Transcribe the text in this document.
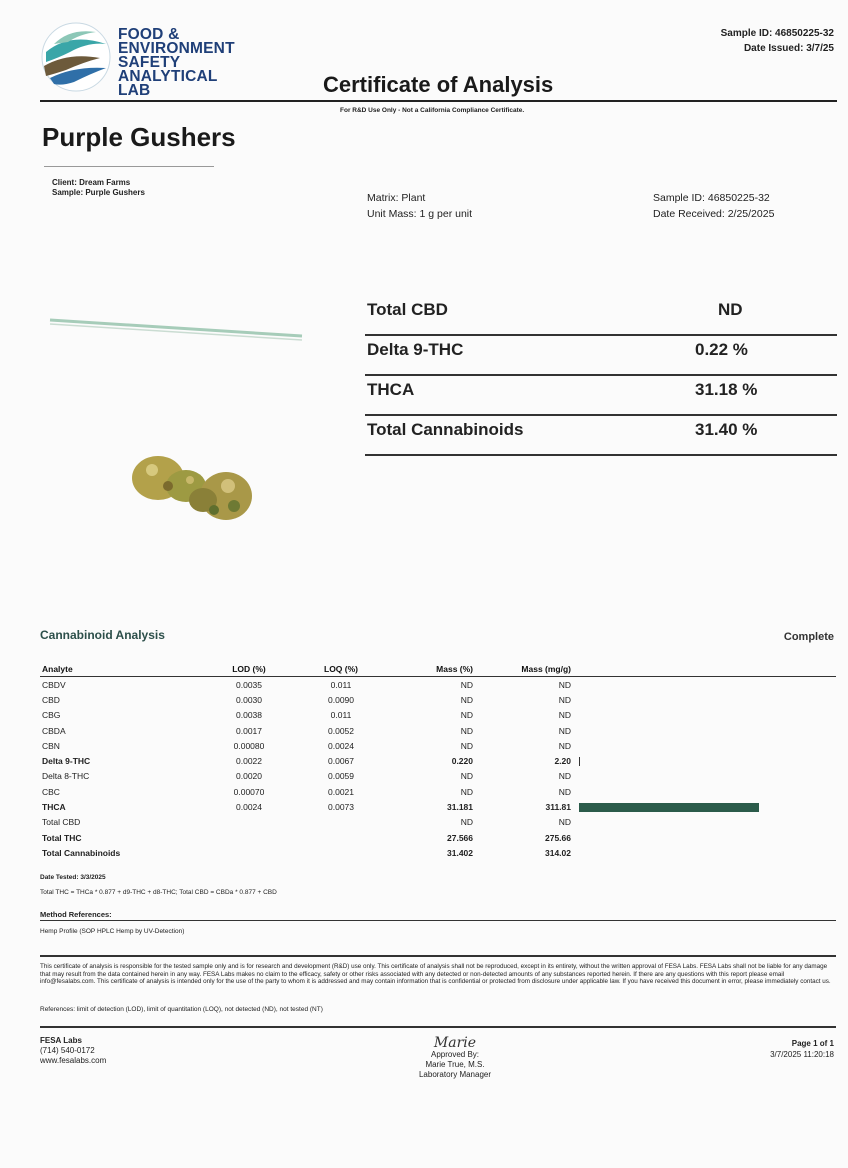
FOOD & ENVIRONMENT SAFETY ANALYTICAL LAB
Sample ID: 46850225-32
Date Issued: 3/7/25
Certificate of Analysis
For R&D Use Only - Not a California Compliance Certificate.
Purple Gushers
Client: Dream Farms
Sample: Purple Gushers	Matrix: Plant
Unit Mass: 1 g per unit
Sample ID: 46850225-32
Date Received: 2/25/2025
Total CBD	ND
Delta 9-THC	0.22 %
THCA	31.18 %
Total Cannabinoids	31.40 %
Cannabinoid Analysis	Complete
Analyte	LOD (%)	LOQ (%)	Mass (%)	Mass (mg/g)	
CBDV	0.0035	0.011	ND	ND	
CBD	0.0030	0.0090	ND	ND	
CBG	0.0038	0.011	ND	ND	
CBDA	0.0017	0.0052	ND	ND	
CBN	0.00080	0.0024	ND	ND	
Delta 9-THC	0.0022	0.0067	0.220	2.20	
Delta 8-THC	0.0020	0.0059	ND	ND	
CBC	0.00070	0.0021	ND	ND	
THCA	0.0024	0.0073	31.181	311.81	
Total CBD			ND	ND	
Total THC			27.566	275.66	
Total Cannabinoids			31.402	314.02	
Date Tested: 3/3/2025
Total THC = THCa * 0.877 + d9-THC + d8-THC; Total CBD = CBDa * 0.877 + CBD
Method References:
Hemp Profile (SOP HPLC Hemp by UV-Detection)
This certificate of analysis is responsible for the tested sample only and is for research and development (R&D) use only. This certificate of analysis shall not be reproduced, except in its entirety, without the written approval of FESA Labs. FESA Labs shall not be liable for any damage that may result from the data contained herein in any way. FESA Labs makes no claim to the efficacy, safety or other risks associated with any detected or non-detected amounts of any substances reported herein. If there are any questions with this report please email info@fesalabs.com. This certificate of analysis is intended only for the use of the party to whom it is addressed and may contain information that is confidential or protected from disclosure under applicable law. If you have received this document in error, please immediately contact us.
References: limit of detection (LOD), limit of quantitation (LOQ), not detected (ND), not tested (NT)
FESA Labs
(714) 540-0172
www.fesalabs.com
Marie
Approved By:
Marie True, M.S.
Laboratory Manager
Page 1 of 1
3/7/2025 11:20:18
